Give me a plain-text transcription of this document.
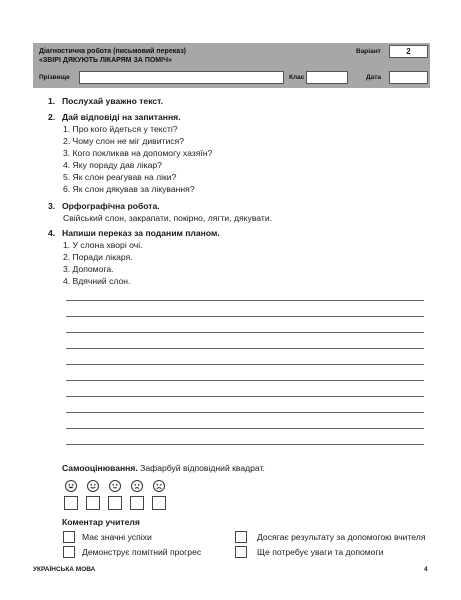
Діагностична робота (письмовий переказ)
«ЗВІРІ ДЯКУЮТЬ ЛІКАРЯМ ЗА ПОМІЧ»
Варіант	2
Прізвище	Клас	Дата
1. Послухай уважно текст.
2. Дай відповіді на запитання.
1. Про кого йдеться у тексті?
2. Чому слон не міг дивитися?
3. Кого покликав на допомогу хазяїн?
4. Яку пораду дав лікар?
5. Як слон реагував на ліки?
6. Як слон дякував за лікування?
3. Орфографічна робота.
Свійський слон, закрапати, покірно, лягти, дякувати.
4. Напиши переказ за поданим планом.
1. У слона хворі очі.
2. Поради лікаря.
3. Допомога.
4. Вдячний слон.
Самооцінювання. Зафарбуй відповідний квадрат.
Коментар учителя
Має значні успіхи
Демонструє помітний прогрес
Досягає результату за допомогою вчителя
Ще потребує уваги та допомоги
УКРАЇНСЬКА МОВА	4
